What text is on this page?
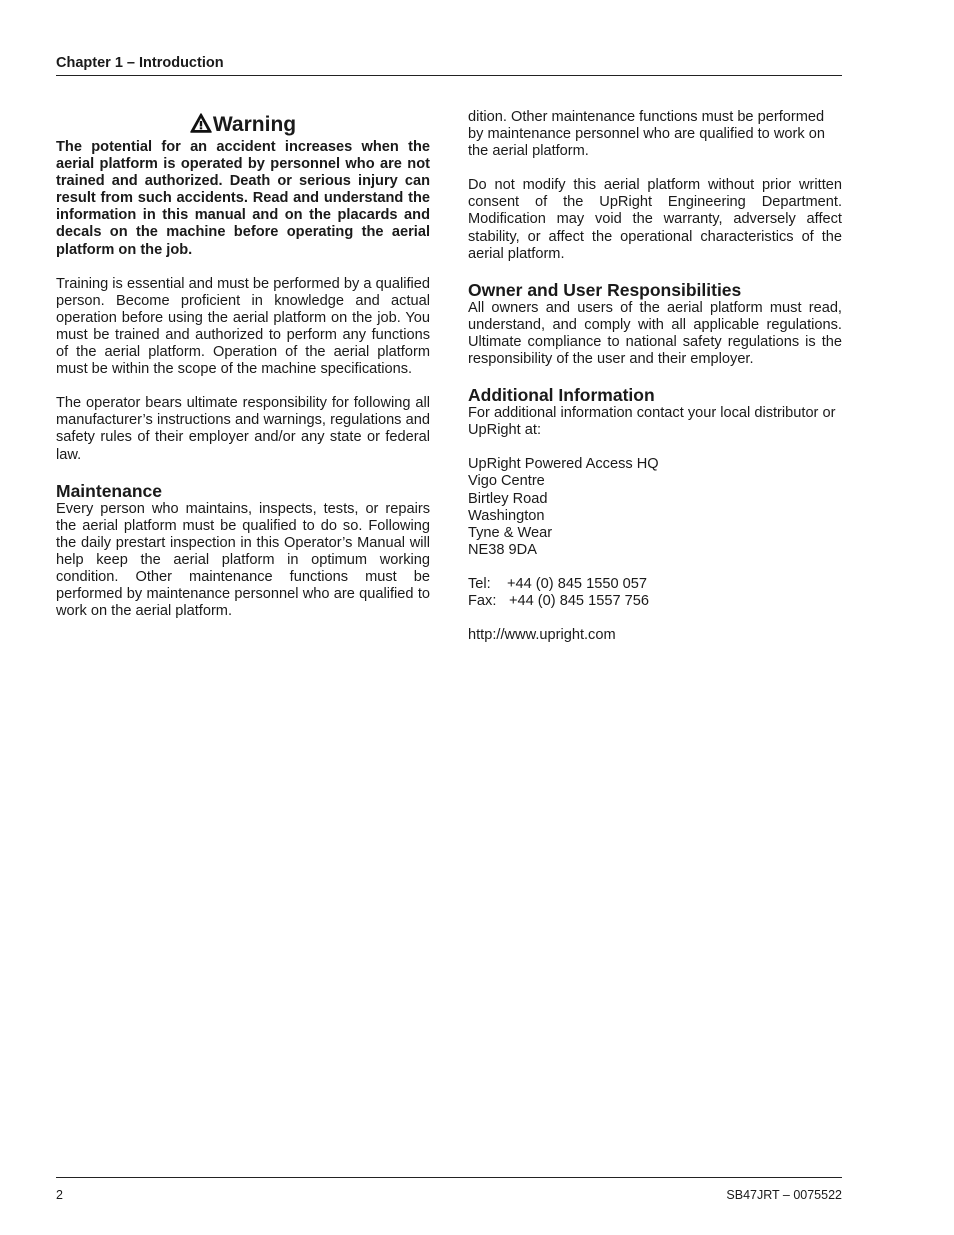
Chapter 1 – Introduction
Warning

The potential for an accident increases when the aerial platform is operated by personnel who are not trained and authorized. Death or serious injury can result from such accidents. Read and understand the information in this manual and on the placards and decals on the machine before operating the aerial platform on the job.

Training is essential and must be performed by a qualified person. Become proficient in knowledge and actual operation before using the aerial platform on the job. You must be trained and authorized to perform any functions of the aerial platform. Operation of the aerial platform must be within the scope of the machine specifications.

The operator bears ultimate responsibility for following all manufacturer’s instructions and warnings, regulations and safety rules of their employer and/or any state or federal law.

Maintenance

Every person who maintains, inspects, tests, or repairs the aerial platform must be qualified to do so. Following the daily prestart inspection in this Operator’s Manual will help keep the aerial platform in optimum working condition. Other maintenance functions must be performed by maintenance personnel who are qualified to work on the aerial platform.

dition. Other maintenance functions must be performed by maintenance personnel who are qualified to work on the aerial platform.

Do not modify this aerial platform without prior written consent of the UpRight Engineering Department. Modification may void the warranty, adversely affect stability, or affect the operational characteristics of the aerial platform.

Owner and User Responsibilities

All owners and users of the aerial platform must read, understand, and comply with all applicable regulations. Ultimate compliance to national safety regulations is the responsibility of the user and their employer.

Additional Information

For additional information contact your local distributor or UpRight at:

UpRight Powered Access HQ
Vigo Centre
Birtley Road
Washington
Tyne & Wear
NE38 9DA

Tel: +44 (0) 845 1550 057
Fax: +44 (0) 845 1557 756

http://www.upright.com

2	SB47JRT – 0075522
